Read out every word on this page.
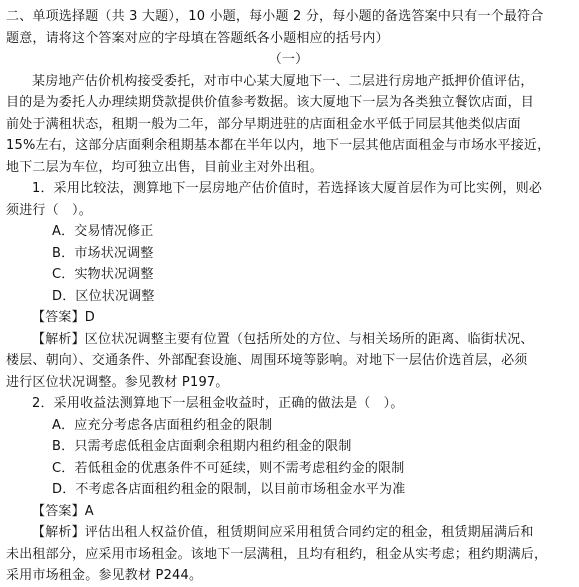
二、单项选择题（共 3 大题），10 小题，每小题 2 分，每小题的备选答案中只有一个最符合
题意，请将这个答案对应的字母填在答题纸各小题相应的括号内）
（一）
某房地产估价机构接受委托，对市中心某大厦地下一、二层进行房地产抵押价值评估，
目的是为委托人办理续期贷款提供价值参考数据。该大厦地下一层为各类独立餐饮店面，目
前处于满租状态，租期一般为二年，部分早期进驻的店面租金水平低于同层其他类似店面
15%左右，这部分店面剩余租期基本都在半年以内，地下一层其他店面租金与市场水平接近，
地下二层为车位，均可独立出售，目前业主对外出租。
1．采用比较法，测算地下一层房地产估价值时，若选择该大厦首层作为可比实例，则必
须进行（　）。
A．交易情况修正
B．市场状况调整
C．实物状况调整
D．区位状况调整
【答案】D
【解析】区位状况调整主要有位置（包括所处的方位、与相关场所的距离、临街状况、
楼层、朝向）、交通条件、外部配套设施、周围环境等影响。对地下一层估价选首层，必须
进行区位状况调整。参见教材 P197。
2．采用收益法测算地下一层租金收益时，正确的做法是（　）。
A．应充分考虑各店面租约租金的限制
B．只需考虑低租金店面剩余租期内租约租金的限制
C．若低租金的优惠条件不可延续，则不需考虑租约金的限制
D．不考虑各店面租约租金的限制，以目前市场租金水平为准
【答案】A
【解析】评估出租人权益价值，租赁期间应采用租赁合同约定的租金，租赁期届满后和
未出租部分，应采用市场租金。该地下一层满租，且均有租约，租金从实考虑；租约期满后，
采用市场租金。参见教材 P244。
